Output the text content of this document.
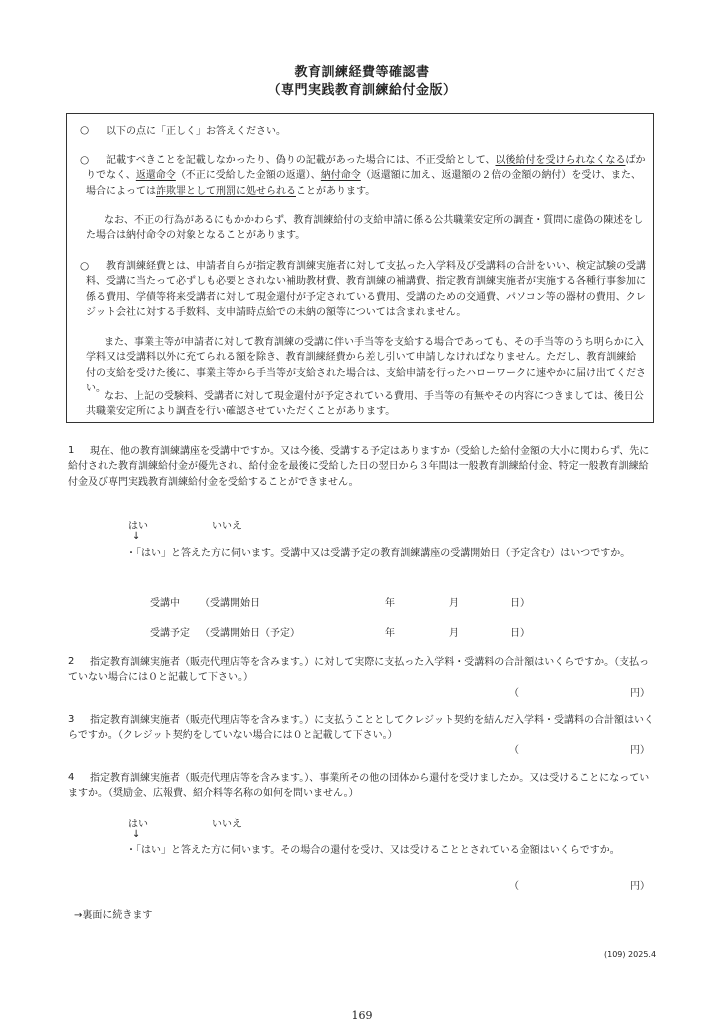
教育訓練経費等確認書
（専門実践教育訓練給付金版）
○ 以下の点に「正しく」お答えください。
○	記載すべきことを記載しなかったり、偽りの記載があった場合には、不正受給として、以後給付を受けられなくなるばかりでなく、返還命令（不正に受給した金額の返還）、納付命令（返還額に加え、返還額の２倍の金額の納付）を受け、また、場合によっては詐欺罪として刑罰に処せられることがあります。
なお、不正の行為があるにもかかわらず、教育訓練給付の支給申請に係る公共職業安定所の調査・質問に虚偽の陳述をした場合は納付命令の対象となることがあります。
○	教育訓練経費とは、申請者自らが指定教育訓練実施者に対して支払った入学料及び受講料の合計をいい、検定試験の受講料、受講に当たって必ずしも必要とされない補助教材費、教育訓練の補講費、指定教育訓練実施者が実施する各種行事参加に係る費用、学債等将来受講者に対して現金還付が予定されている費用、受講のための交通費、パソコン等の器材の費用、クレジット会社に対する手数料、支申請時点給での未納の額等については含まれません。
また、事業主等が申請者に対して教育訓練の受講に伴い手当等を支給する場合であっても、その手当等のうち明らかに入学料又は受講料以外に充てられる額を除き、教育訓練経費から差し引いて申請しなければなりません。ただし、教育訓練給付の支給を受けた後に、事業主等から手当等が支給された場合は、支給申請を行ったハローワークに速やかに届け出てください。
なお、上記の受験料、受講者に対して現金還付が予定されている費用、手当等の有無やその内容につきましては、後日公共職業安定所により調査を行い確認させていただくことがあります。
1	現在、他の教育訓練講座を受講中ですか。又は今後、受講する予定はありますか（受給した給付金額の大小に関わらず、先に給付された教育訓練給付金が優先され、給付金を最後に受給した日の翌日から３年間は一般教育訓練給付金、特定一般教育訓練給付金及び専門実践教育訓練給付金を受給することができません。
はい	いいえ
↓
・「はい」と答えた方に伺います。受講中又は受講予定の教育訓練講座の受講開始日（予定含む）はいつですか。
受講中 （受講開始日	年	月	日）
受講予定 （受講開始日（予定）	年	月	日）
2	指定教育訓練実施者（販売代理店等を含みます。）に対して実際に支払った入学料・受講料の合計額はいくらですか。（支払っていない場合には０と記載して下さい。）
（	円）
3	指定教育訓練実施者（販売代理店等を含みます。）に支払うこととしてクレジット契約を結んだ入学料・受講料の合計額はいくらですか。（クレジット契約をしていない場合には０と記載して下さい。）
（	円）
4	指定教育訓練実施者（販売代理店等を含みます。）、事業所その他の団体から還付を受けましたか。又は受けることになっていますか。（奨励金、広報費、紹介料等名称の如何を問いません。）
はい	いいえ
↓
・「はい」と答えた方に伺います。その場合の還付を受け、又は受けることとされている金額はいくらですか。
（	円）
→裏面に続きます
(109) 2025.4
169
